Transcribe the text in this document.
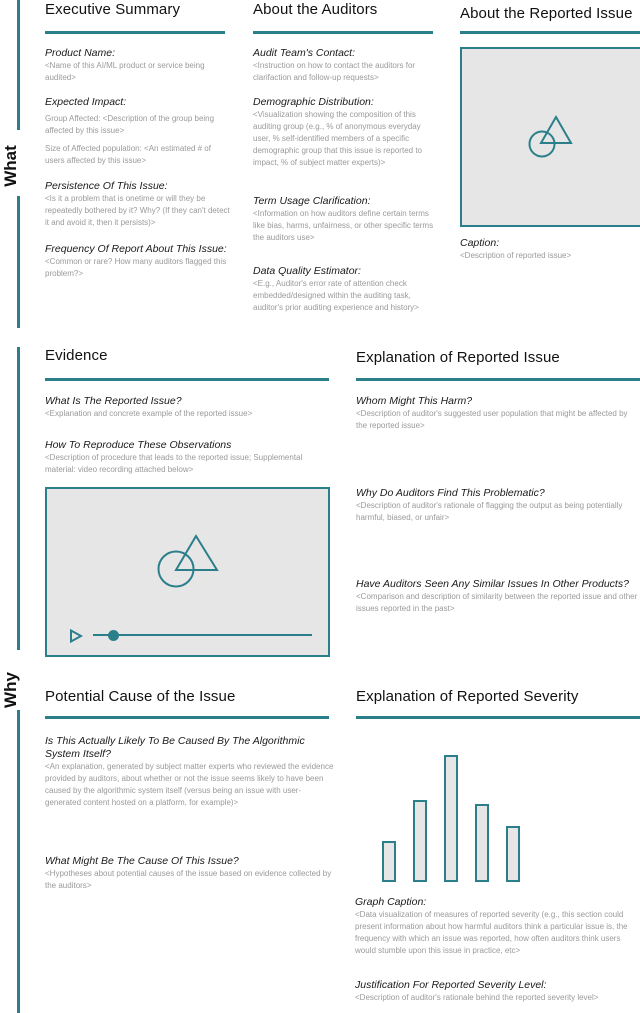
What
Why
Executive Summary
Product Name:
<Name of this AI/ML product or service being audited>
Expected Impact:
Group Affected: <Description of the group being affected by this issue>
Size of Affected population: <An estimated # of users affected by this issue>
Persistence Of This Issue:
<Is it a problem that is onetime or will they be repeatedly bothered by it? Why? (If they can't detect it and avoid it, then it persists)>
Frequency Of Report About This Issue:
<Common or rare? How many auditors flagged this problem?>
About the Auditors
Audit Team's Contact:
<Instruction on how to contact the auditors for clarifaction and follow-up requests>
Demographic Distribution:
<Visualization showing the composition of this auditing group (e.g., % of anonymous everyday user, % self-identified members of a specific demographic group that this issue is reported to impact, % of subject matter experts)>
Term Usage Clarification:
<Information on how auditors define certain terms like bias, harms, unfairness, or other specific terms the auditors use>
Data Quality Estimator:
<E.g., Auditor's error rate of attention check embedded/designed within the auditing task, auditor's prior auditing experience and history>
About the Reported Issue
Caption:
<Description of reported issue>
Evidence
What Is The Reported Issue?
<Explanation and concrete example of the reported issue>
How To Reproduce These Observations
<Description of procedure that leads to the reported issue; Supplemental material: video recording attached below>
Explanation of Reported Issue
Whom Might This Harm?
<Description of auditor's suggested user population that might be affected by the reported issue>
Why Do Auditors Find This Problematic?
<Description of auditor's rationale of flagging the output as being potentially harmful, biased, or unfair>
Have Auditors Seen Any Similar Issues In Other Products?
<Comparison and description of similarity between the reported issue and other issues reported in the past>
Potential Cause of the Issue
Is This Actually Likely To Be Caused By The Algorithmic System Itself?
<An explanation, generated by subject matter experts who reviewed the evidence provided by auditors, about whether or not the issue seems likely to have been caused by the algorithmic system itself (versus being an issue with user-generated content hosted on a platform, for example)>
What Might Be The Cause Of This Issue?
<Hypotheses about potential causes of the issue based on evidence collected by the auditors>
Explanation of Reported Severity
Graph Caption:
<Data visualization of measures of reported severity (e.g., this section could present information about how harmful auditors think a particular issue is, the frequency with which an issue was reported, how often auditors think users would stumble upon this issue in practice, etc>
Justification For Reported Severity Level:
<Description of auditor's rationale behind the reported severity level>
